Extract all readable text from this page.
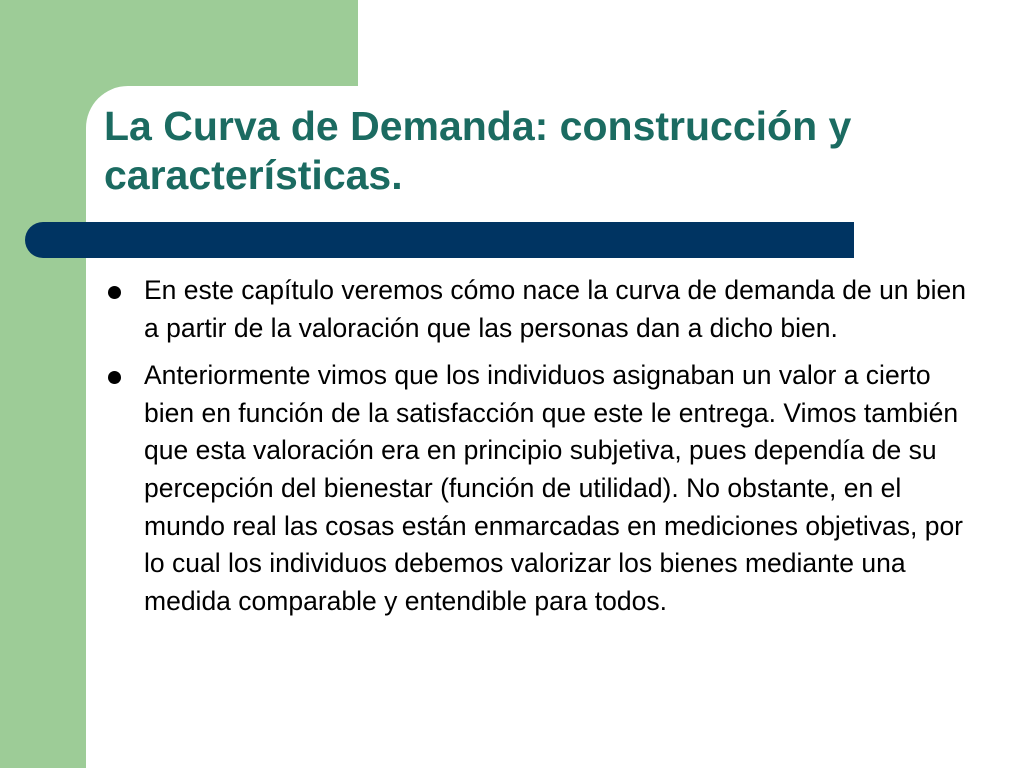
La Curva de Demanda: construcción y características.
En este capítulo veremos cómo nace la curva de demanda de un bien a partir de la valoración que las personas dan a dicho bien.
Anteriormente vimos que los individuos asignaban un valor a cierto bien en función de la satisfacción que este le entrega. Vimos también que esta valoración era en principio subjetiva, pues dependía de su percepción del bienestar (función de utilidad). No obstante, en el mundo real las cosas están enmarcadas en mediciones objetivas, por lo cual los individuos debemos valorizar los bienes mediante una medida comparable y entendible para todos.
